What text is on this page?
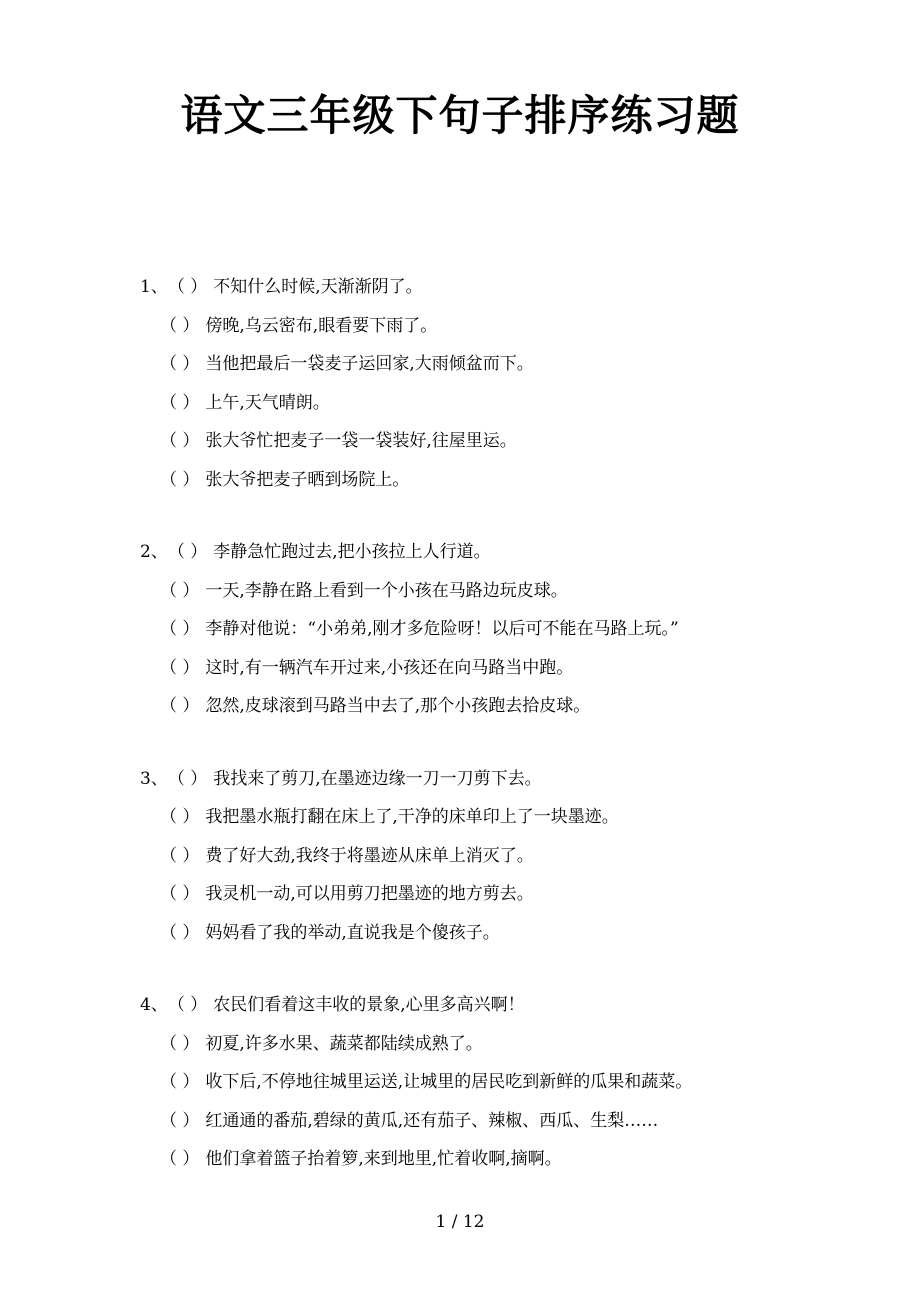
语文三年级下句子排序练习题
1、（ ） 不知什么时候,天渐渐阴了。
（ ） 傍晚,乌云密布,眼看要下雨了。
（ ） 当他把最后一袋麦子运回家,大雨倾盆而下。
（ ） 上午,天气晴朗。
（ ） 张大爷忙把麦子一袋一袋装好,往屋里运。
（ ） 张大爷把麦子晒到场院上。
2、（ ） 李静急忙跑过去,把小孩拉上人行道。
（ ） 一天,李静在路上看到一个小孩在马路边玩皮球。
（ ） 李静对他说：“小弟弟,刚才多危险呀！以后可不能在马路上玩。”
（ ） 这时,有一辆汽车开过来,小孩还在向马路当中跑。
（ ） 忽然,皮球滚到马路当中去了,那个小孩跑去拾皮球。
3、（ ） 我找来了剪刀,在墨迹边缘一刀一刀剪下去。
（ ） 我把墨水瓶打翻在床上了,干净的床单印上了一块墨迹。
（ ） 费了好大劲,我终于将墨迹从床单上消灭了。
（ ） 我灵机一动,可以用剪刀把墨迹的地方剪去。
（ ） 妈妈看了我的举动,直说我是个傻孩子。
4、（ ） 农民们看着这丰收的景象,心里多高兴啊！
（ ） 初夏,许多水果、蔬菜都陆续成熟了。
（ ） 收下后,不停地往城里运送,让城里的居民吃到新鲜的瓜果和蔬菜。
（ ） 红通通的番茄,碧绿的黄瓜,还有茄子、辣椒、西瓜、生梨……
（ ） 他们拿着篮子抬着箩,来到地里,忙着收啊,摘啊。
1 / 12
